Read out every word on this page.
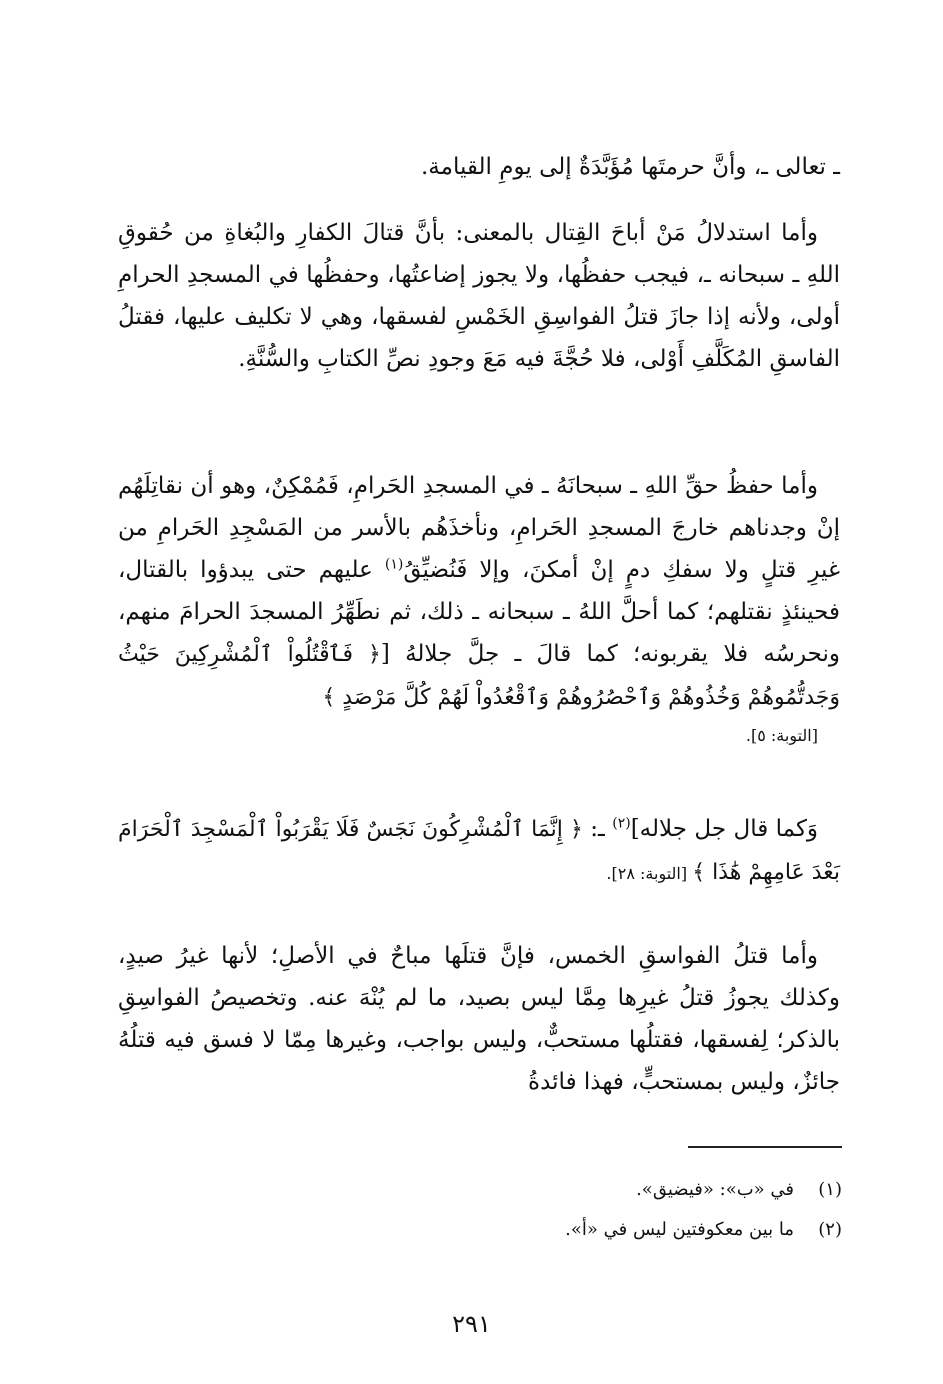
ـ تعالى ـ، وأنَّ حرمتَها مُؤَبَّدَةٌ إلى يومِ القيامة.

وأما استدلالُ مَنْ أباحَ القِتال بالمعنى: بأنَّ قتالَ الكفارِ والبُغاةِ من حُقوقِ اللهِ ـ سبحانه ـ، فيجب حفظُها، ولا يجوز إضاعتُها، وحفظُها في المسجدِ الحرامِ أولى، ولأنه إذا جازَ قتلُ الفواسِقِ الخَمْسِ لفسقها، وهي لا تكليف عليها، فقتلُ الفاسقِ المُكَلَّفِ أَوْلى، فلا حُجَّةَ فيه مَعَ وجودِ نصِّ الكتابِ والسُّنَّةِ.

وأما حفظُ حقِّ اللهِ ـ سبحانَهُ ـ في المسجدِ الحَرامِ، فَمُمْكِنٌ، وهو أن نقاتِلَهُم إنْ وجدناهم خارجَ المسجدِ الحَرامِ، ونأخذَهُم بالأسر من المَسْجِدِ الحَرامِ من غيرِ قتلٍ ولا سفكِ دمٍ إنْ أمكنَ، وإلا فَنُضيِّقُ$^{(١)}$ عليهم حتى يبدؤوا بالقتال، فحينئذٍ نقتلهم؛ كما أحلَّ اللهُ ـ سبحانه ـ ذلك، ثم نطَهِّرُ المسجدَ الحرامَ منهم، ونحرسُه فلا يقربونه؛ كما قالَ ـ جلَّ جلالهُ [﴿ فَٱقْتُلُواْ ٱلْمُشْرِكِينَ حَيْثُ وَجَدتُّمُوهُمْ وَخُذُوهُمْ وَٱحْصُرُوهُمْ وَٱقْعُدُواْ لَهُمْ كُلَّ مَرْصَدٍ ﴾
[التوبة: ٥].

وَكما قال جل جلاله]$^{(٢)}$ ـ: ﴿ إِنَّمَا ٱلْمُشْرِكُونَ نَجَسٌ فَلَا يَقْرَبُواْ ٱلْمَسْجِدَ ٱلْحَرَامَ بَعْدَ عَامِهِمْ هَٰذَا ﴾ [التوبة: ٢٨].

وأما قتلُ الفواسقِ الخمس، فإنَّ قتلَها مباحٌ في الأصلِ؛ لأنها غيرُ صيدٍ، وكذلك يجوزُ قتلُ غيرِها مِمَّا ليس بصيد، ما لم يُنْهَ عنه. وتخصيصُ الفواسِقِ بالذكر؛ لِفسقها، فقتلُها مستحبٌّ، وليس بواجب، وغيرها مِمّا لا فسق فيه قتلُهُ جائزٌ، وليس بمستحبٍّ، فهذا فائدةُ

(١)في «ب»: «فيضيق».
(٢)ما بين معكوفتين ليس في «أ».
٢٩١
